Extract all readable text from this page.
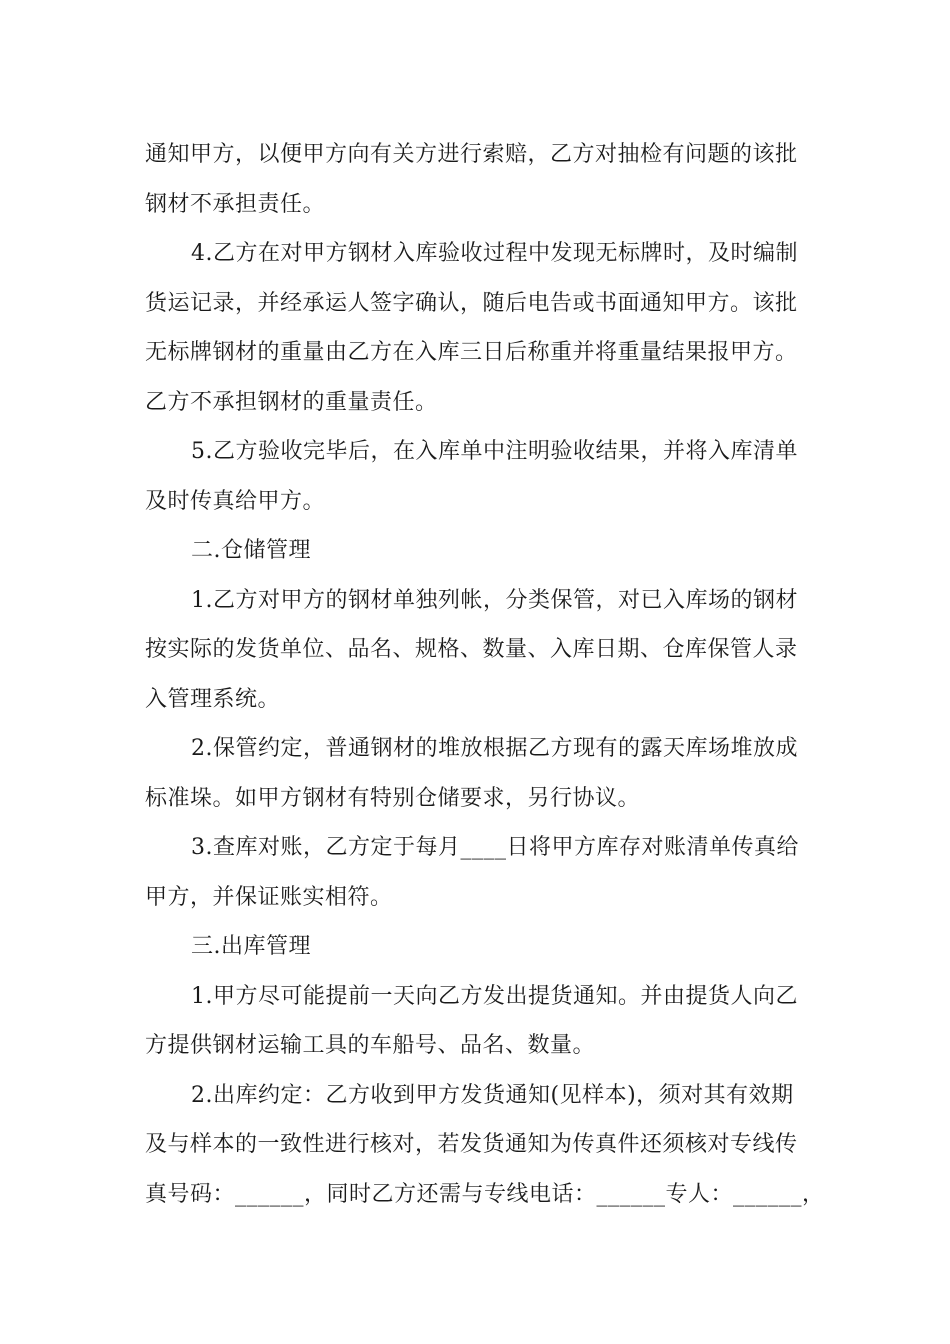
通知甲方，以便甲方向有关方进行索赔，乙方对抽检有问题的该批

钢材不承担责任。

4.乙方在对甲方钢材入库验收过程中发现无标牌时，及时编制

货运记录，并经承运人签字确认，随后电告或书面通知甲方。该批

无标牌钢材的重量由乙方在入库三日后称重并将重量结果报甲方。

乙方不承担钢材的重量责任。

5.乙方验收完毕后，在入库单中注明验收结果，并将入库清单

及时传真给甲方。

二.仓储管理

1.乙方对甲方的钢材单独列帐，分类保管，对已入库场的钢材

按实际的发货单位、品名、规格、数量、入库日期、仓库保管人录

入管理系统。

2.保管约定，普通钢材的堆放根据乙方现有的露天库场堆放成

标准垛。如甲方钢材有特别仓储要求，另行协议。

3.查库对账，乙方定于每月____日将甲方库存对账清单传真给

甲方，并保证账实相符。

三.出库管理

1.甲方尽可能提前一天向乙方发出提货通知。并由提货人向乙

方提供钢材运输工具的车船号、品名、数量。

2.出库约定：乙方收到甲方发货通知(见样本)，须对其有效期

及与样本的一致性进行核对，若发货通知为传真件还须核对专线传

真号码：______，同时乙方还需与专线电话：______专人：______，
